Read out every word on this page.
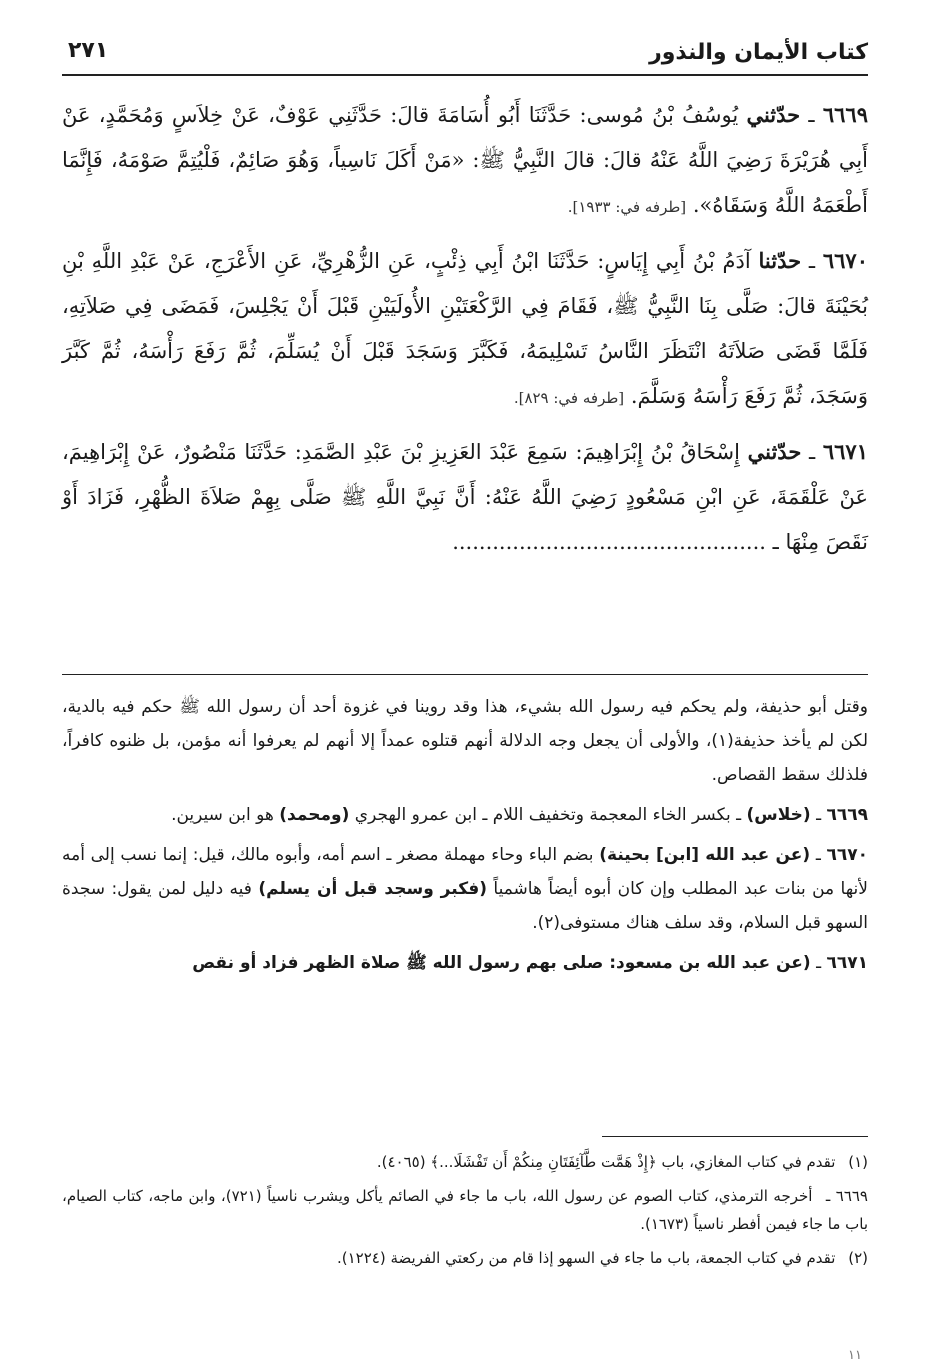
كتاب الأيمان والنذور
٢٧١

٦٦٦٩ ـ حدّثني يُوسُفُ بْنُ مُوسى: حَدَّثَنَا أَبُو أُسَامَةَ قالَ: حَدَّثَنِي عَوْفٌ، عَنْ خِلاَسٍ وَمُحَمَّدٍ، عَنْ أَبِي هُرَيْرَةَ رَضِيَ اللَّهُ عَنْهُ قالَ: قالَ النَّبِيُّ ﷺ: «مَنْ أَكَلَ نَاسِياً، وَهُوَ صَائِمٌ، فَلْيُتِمَّ صَوْمَهُ، فَإِنَّمَا أَطْعَمَهُ اللَّهُ وَسَقَاهُ». [طرفه في: ١٩٣٣].

٦٦٧٠ ـ حدّثنا آدَمُ بْنُ أَبِي إِيَاسٍ: حَدَّثَنَا ابْنُ أَبِي ذِئْبٍ، عَنِ الزُّهْرِيِّ، عَنِ الأَعْرَجِ، عَنْ عَبْدِ اللَّهِ بْنِ بُحَيْنَةَ قالَ: صَلَّى بِنَا النَّبِيُّ ﷺ، فَقَامَ فِي الرَّكْعَتَيْنِ الأُولَيَيْنِ قَبْلَ أَنْ يَجْلِسَ، فَمَضَى فِي صَلاَتِهِ، فَلَمَّا قَضَى صَلاَتَهُ انْتَظَرَ النَّاسُ تَسْلِيمَهُ، فَكَبَّرَ وَسَجَدَ قَبْلَ أَنْ يُسَلِّمَ، ثُمَّ رَفَعَ رَأْسَهُ، ثُمَّ كَبَّرَ وَسَجَدَ، ثُمَّ رَفَعَ رَأْسَهُ وَسَلَّمَ. [طرفه في: ٨٢٩].

٦٦٧١ ـ حدّثني إِسْحَاقُ بْنُ إِبْرَاهِيمَ: سَمِعَ عَبْدَ العَزِيزِ بْنَ عَبْدِ الصَّمَدِ: حَدَّثَنَا مَنْصُورٌ، عَنْ إِبْرَاهِيمَ، عَنْ عَلْقَمَةَ، عَنِ ابْنِ مَسْعُودٍ رَضِيَ اللَّهُ عَنْهُ: أَنَّ نَبِيَّ اللَّهِ ﷺ صَلَّى بِهِمْ صَلاَةَ الظُّهْرِ، فَزَادَ أَوْ نَقَصَ مِنْهَا ـ ...............................................

وقتل أبو حذيفة، ولم يحكم فيه رسول الله بشيء، هذا وقد روينا في غزوة أحد أن رسول الله ﷺ حكم فيه بالدية، لكن لم يأخذ حذيفة(١)، والأولى أن يجعل وجه الدلالة أنهم قتلوه عمداً إلا أنهم لم يعرفوا أنه مؤمن، بل ظنوه كافراً، فلذلك سقط القصاص.

٦٦٦٩ ـ (خلاس) ـ بكسر الخاء المعجمة وتخفيف اللام ـ ابن عمرو الهجري (ومحمد) هو ابن سيرين.

٦٦٧٠ ـ (عن عبد الله [ابن] بحينة) بضم الباء وحاء مهملة مصغر ـ اسم أمه، وأبوه مالك، قيل: إنما نسب إلى أمه لأنها من بنات عبد المطلب وإن كان أبوه أيضاً هاشمياً (فكبر وسجد قبل أن يسلم) فيه دليل لمن يقول: سجدة السهو قبل السلام، وقد سلف هناك مستوفى(٢).

٦٦٧١ ـ (عن عبد الله بن مسعود: صلى بهم رسول الله ﷺ صلاة الظهر فزاد أو نقص

(١) تقدم في كتاب المغازي، باب ﴿إِذْ هَمَّت طَّآئِفَتَانِ مِنكُمْ أَن تَفْشَلَا...﴾ (٤٠٦٥).

٦٦٦٩ ـ أخرجه الترمذي، كتاب الصوم عن رسول الله، باب ما جاء في الصائم يأكل ويشرب ناسياً (٧٢١)، وابن ماجه، كتاب الصيام، باب ما جاء فيمن أفطر ناسياً (١٦٧٣).

(٢) تقدم في كتاب الجمعة، باب ما جاء في السهو إذا قام من ركعتي الفريضة (١٢٢٤).

١١
